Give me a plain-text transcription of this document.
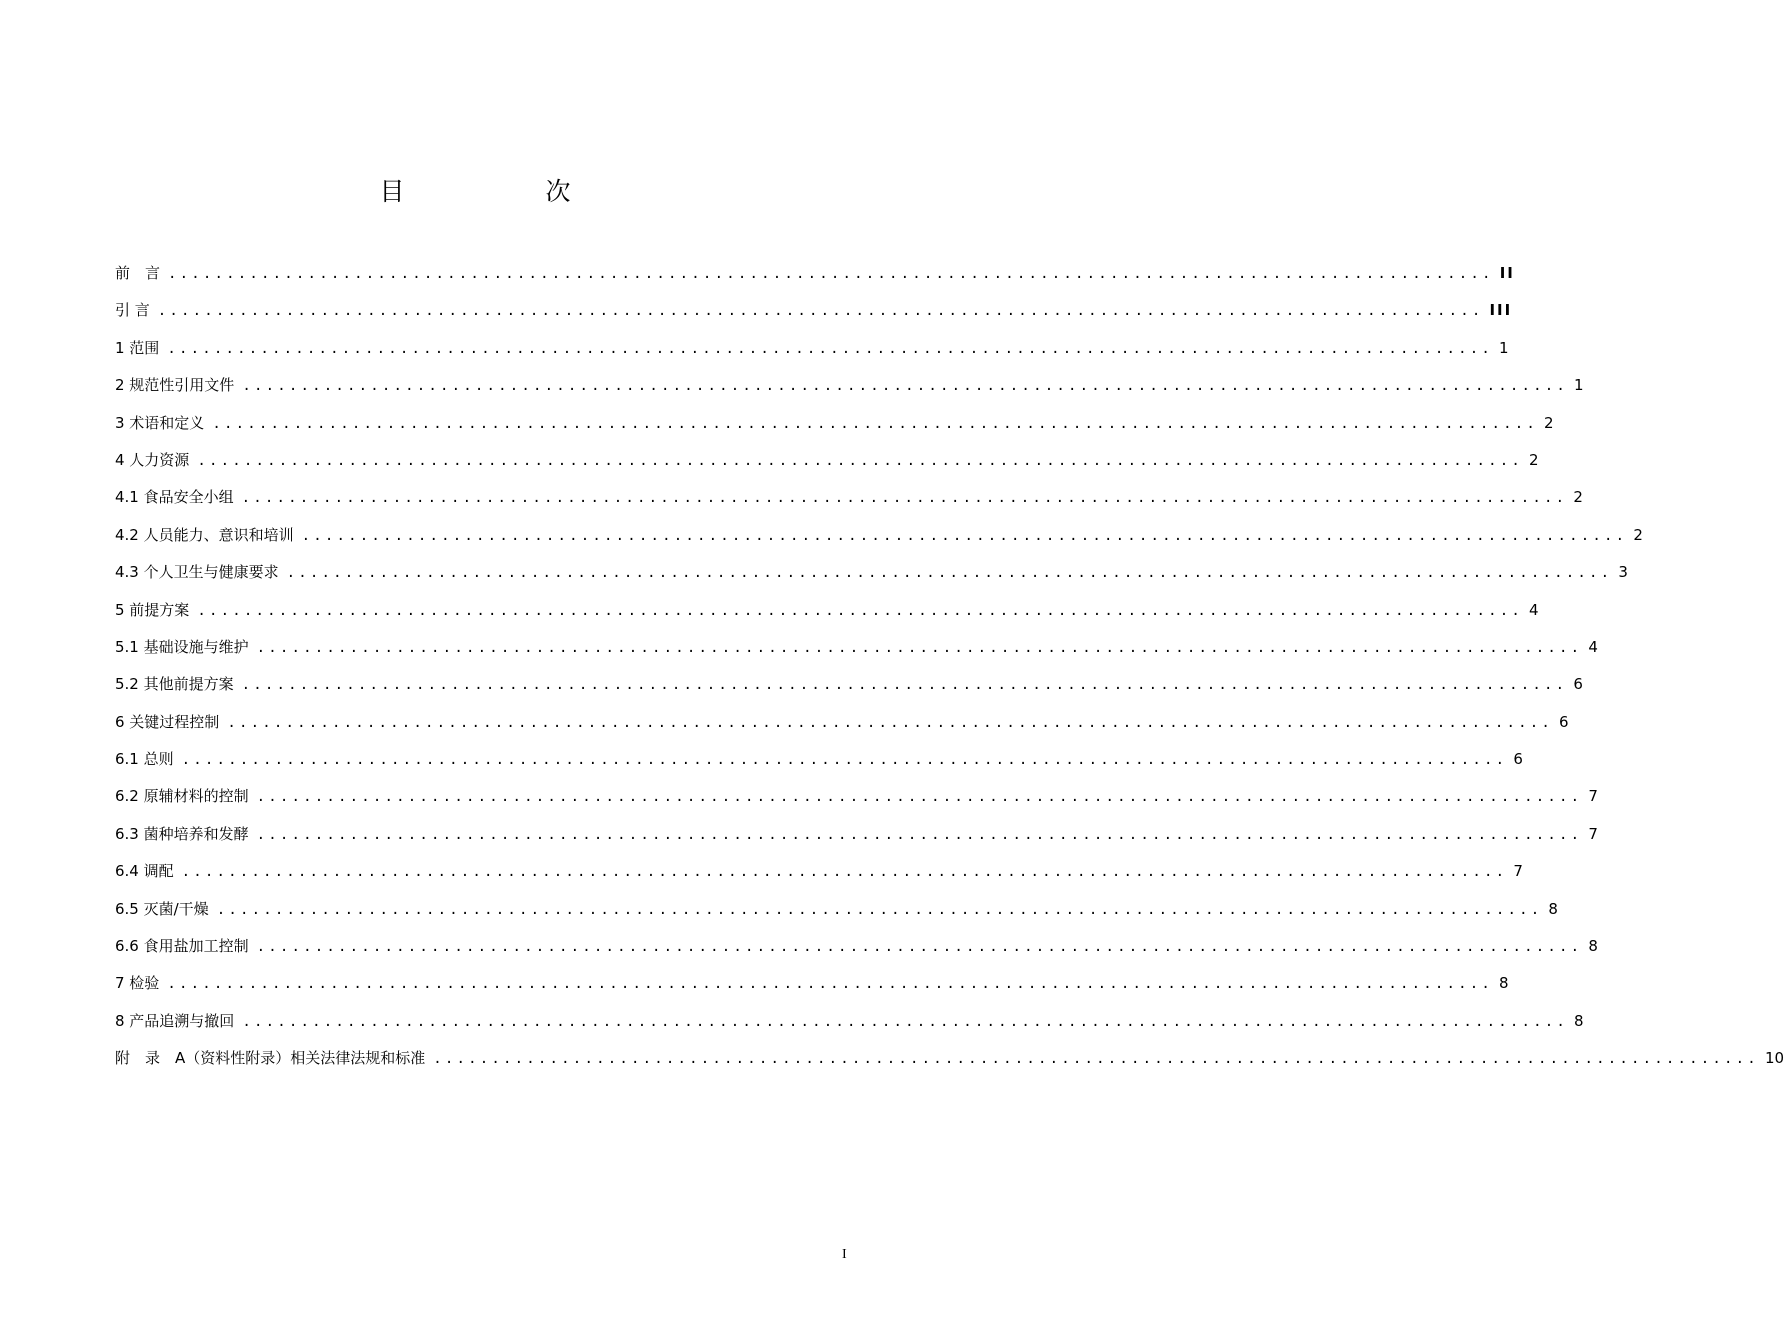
目　次
前　言 .................................................................................................................. II
引 言 .................................................................................................................. III
1 范围 .................................................................................................................. 1
2 规范性引用文件 .................................................................................................................. 1
3 术语和定义 .................................................................................................................. 2
4 人力资源 .................................................................................................................. 2
4.1 食品安全小组 .................................................................................................................. 2
4.2 人员能力、意识和培训 .................................................................................................................. 2
4.3 个人卫生与健康要求 .................................................................................................................. 3
5 前提方案 .................................................................................................................. 4
5.1 基础设施与维护 .................................................................................................................. 4
5.2 其他前提方案 .................................................................................................................. 6
6 关键过程控制 .................................................................................................................. 6
6.1 总则 .................................................................................................................. 6
6.2 原辅材料的控制 .................................................................................................................. 7
6.3 菌种培养和发酵 .................................................................................................................. 7
6.4 调配 .................................................................................................................. 7
6.5 灭菌/干燥 .................................................................................................................. 8
6.6 食用盐加工控制 .................................................................................................................. 8
7 检验 .................................................................................................................. 8
8 产品追溯与撤回 .................................................................................................................. 8
附　录　A（资料性附录）相关法律法规和标准 .................................................................................................................. 10
I
